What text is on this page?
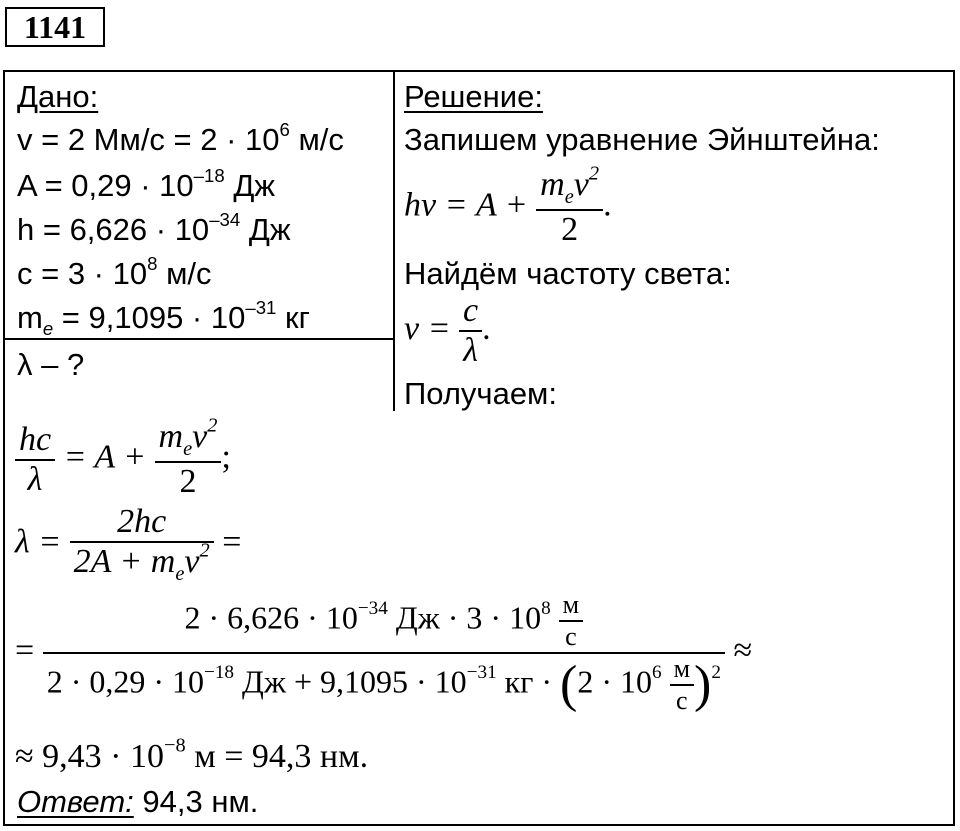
1141
Дано:
v = 2 $Мм/с = 2 \cdot 10^6$ м/с
$A = 0,29 \cdot 10^{-18}$ Дж
$h = 6,626 \cdot 10^{-34}$ Дж
$c = 3 \cdot 10^8$ м/с
$m_e = 9,1095 \cdot 10^{-31}$ кг
λ – ?
Решение:
Запишем уравнение Эйнштейна:
$h\nu = A + \frac{m_ev^2}{2}$ .
Найдём частоту света:
$\nu = \frac{c}{\lambda}$ .
Получаем:
$\frac{hc}{\lambda} = A + \frac{m_ev^2}{2}$ ;
$\lambda = \frac{2hc}{2A + m_ev^2}$ =
=
$2 \cdot 6,626 \cdot 10^{-34}$ Дж · $3 \cdot 10^8 \frac{м}{с}$
$2 \cdot 0,29 \cdot 10^{-18}$ Дж + $9,1095 \cdot 10^{-31}$ кг · $(2 \cdot 10^6 \frac{м}{с} )^2$
≈
≈ $9,43 \cdot 10^{-8}$ м = 94,3 нм.
Ответ: 94,3 нм.
